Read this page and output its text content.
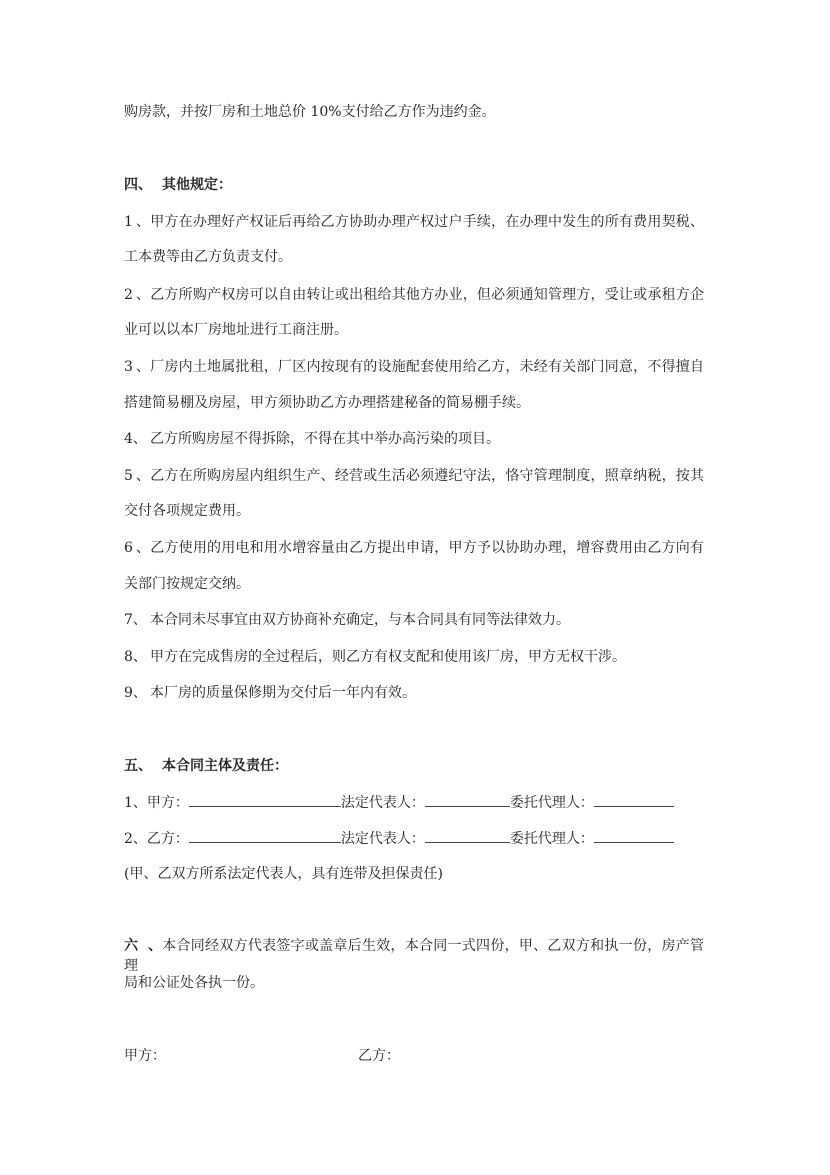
购房款，并按厂房和土地总价 10%支付给乙方作为违约金。
四、 其他规定：
1、甲方在办理好产权证后再给乙方协助办理产权过户手续，在办理中发生的所有费用契税、
工本费等由乙方负责支付。
2、乙方所购产权房可以自由转让或出租给其他方办业，但必须通知管理方，受让或承租方企
业可以以本厂房地址进行工商注册。
3、厂房内土地属批租，厂区内按现有的设施配套使用给乙方，未经有关部门同意，不得擅自
搭建简易棚及房屋，甲方须协助乙方办理搭建秘备的简易棚手续。
4、 乙方所购房屋不得拆除，不得在其中举办高污染的项目。
5、乙方在所购房屋内组织生产、经营或生活必须遵纪守法，恪守管理制度，照章纳税，按其
交付各项规定费用。
6、乙方使用的用电和用水增容量由乙方提出申请，甲方予以协助办理，增容费用由乙方向有
关部门按规定交纳。
7、 本合同未尽事宜由双方协商补充确定，与本合同具有同等法律效力。
8、 甲方在完成售房的全过程后，则乙方有权支配和使用该厂房，甲方无权干涉。
9、 本厂房的质量保修期为交付后一年内有效。
五、 本合同主体及责任：
1、甲方：	法定代表人：	委托代理人：
2、乙方：	法定代表人：	委托代理人：
(甲、乙双方所系法定代表人，具有连带及担保责任)
六、本合同经双方代表签字或盖章后生效，本合同一式四份，甲、乙双方和执一份，房产管理
局和公证处各执一份。
甲方：	乙方：
